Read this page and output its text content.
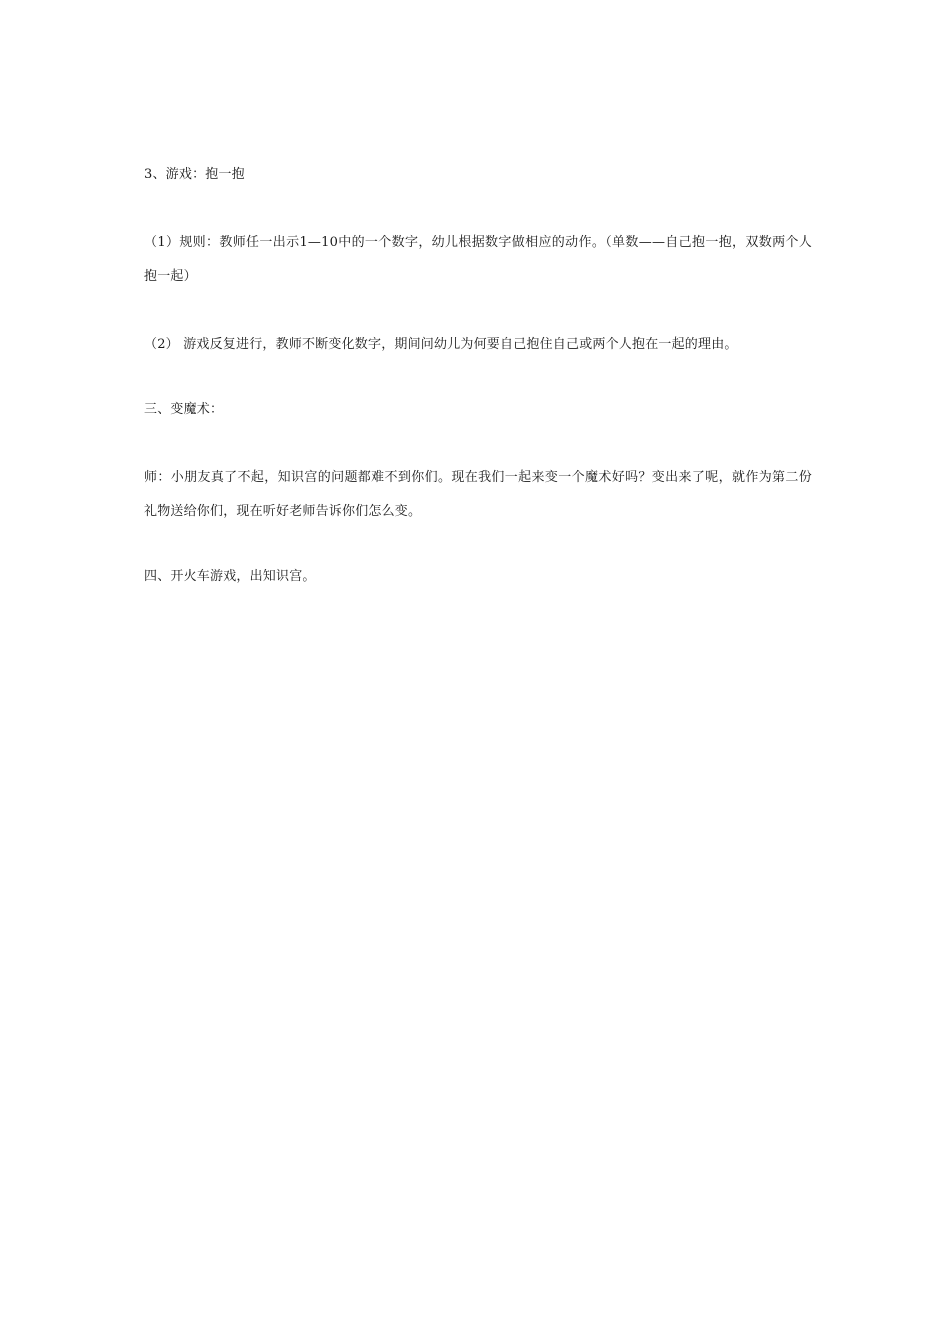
3、游戏：抱一抱

（1）规则：教师任一出示1—10中的一个数字，幼儿根据数字做相应的动作。（单数——自己抱一抱，双数两个人抱一起）

（2） 游戏反复进行，教师不断变化数字，期间问幼儿为何要自己抱住自己或两个人抱在一起的理由。

三、变魔术：

师：小朋友真了不起，知识宫的问题都难不到你们。现在我们一起来变一个魔术好吗？变出来了呢，就作为第二份礼物送给你们，现在听好老师告诉你们怎么变。

四、开火车游戏，出知识宫。
